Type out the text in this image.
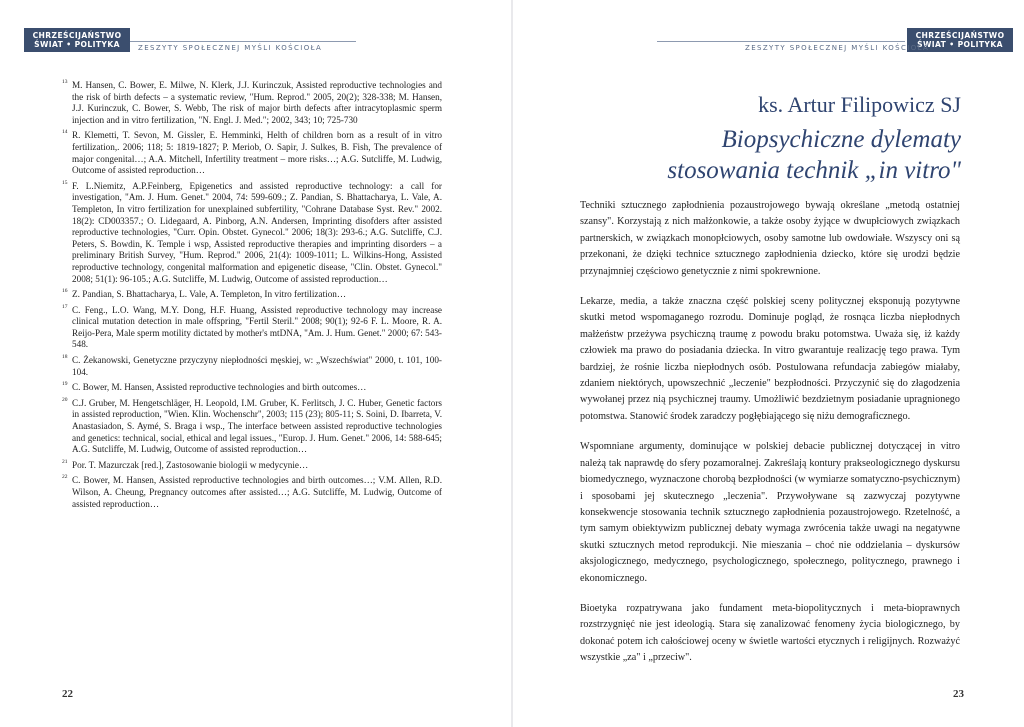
CHRZEŚCIJAŃSTWO
ŚWIAT • POLITYKA	ZESZYTY SPOŁECZNEJ MYŚLI KOŚCIOŁA
13 M. Hansen, C. Bower, E. Milwe, N. Klerk, J.J. Kurinczuk, Assisted reproductive technologies and the risk of birth defects – a systematic review, "Hum. Reprod." 2005, 20(2); 328-338; M. Hansen, J.J. Kurinczuk, C. Bower, S. Webb, The risk of major birth defects after intracytoplasmic sperm injection and in vitro fertilization, "N. Engl. J. Med."; 2002, 343; 10; 725-730
14 R. Klemetti, T. Sevon, M. Gissler, E. Hemminki, Helth of children born as a result of in vitro fertilization,. 2006; 118; 5: 1819-1827; P. Meriob, O. Sapir, J. Sulkes, B. Fish, The prevalence of major congenital…; A.A. Mitchell, Infertility treatment – more risks…; A.G. Sutcliffe, M. Ludwig, Outcome of assisted reproduction…
15 F. L.Niemitz, A.P.Feinberg, Epigenetics and assisted reproductive technology: a call for investigation, "Am. J. Hum. Genet." 2004, 74: 599-609.; Z. Pandian, S. Bhattacharya, L. Vale, A. Templeton, In vitro fertilization for unexplained subfertility, "Cohrane Database Syst. Rev." 2002. 18(2): CD003357.; O. Lidegaard, A. Pinborg, A.N. Andersen, Imprinting disofders after assisted reproductive technologies, "Curr. Opin. Obstet. Gynecol." 2006; 18(3): 293-6.; A.G. Sutcliffe, C.J. Peters, S. Bowdin, K. Temple i wsp, Assisted reproductive therapies and imprinting disorders – a preliminary British Survey, "Hum. Reprod." 2006, 21(4): 1009-1011; L. Wilkins-Hong, Assisted reproductive technology, congenital malformation and epigenetic disease, "Clin. Obstet. Gynecol." 2008; 51(1): 96-105.; A.G. Sutcliffe, M. Ludwig, Outcome of assisted reproduction…
16 Z. Pandian, S. Bhattacharya, L. Vale, A. Templeton, In vitro fertilization…
17 C. Feng., L.O. Wang, M.Y. Dong, H.F. Huang, Assisted reproductive technology may increase clinical mutation detection in male offspring, "Fertil Steril." 2008; 90(1); 92-6 F. L. Moore, R. A. Reijo-Pera, Male sperm motility dictated by mother's mtDNA, "Am. J. Hum. Genet." 2000; 67: 543-548.
18 C. Żekanowski, Genetyczne przyczyny niepłodności męskiej, w: „Wszechświat" 2000, t. 101, 100-104.
19 C. Bower, M. Hansen, Assisted reproductive technologies and birth outcomes…
20 C.J. Gruber, M. Hengetschläger, H. Leopold, I.M. Gruber, K. Ferlitsch, J. C. Huber, Genetic factors in assisted reproduction, "Wien. Klin. Wochenschr", 2003; 115 (23); 805-11; S. Soini, D. Ibarreta, V. Anastasiadon, S. Aymé, S. Braga i wsp., The interface between assisted reproductive technologies and genetics: technical, social, ethical and legal issues., "Europ. J. Hum. Genet." 2006, 14: 588-645; A.G. Sutcliffe, M. Ludwig, Outcome of assisted reproduction…
21 Por. T. Mazurczak [red.], Zastosowanie biologii w medycynie…
22 C. Bower, M. Hansen, Assisted reproductive technologies and birth outcomes…; V.M. Allen, R.D. Wilson, A. Cheung, Pregnancy outcomes after assisted…; A.G. Sutcliffe, M. Ludwig, Outcome of assisted reproduction…
22
CHRZEŚCIJAŃSTWO
ŚWIAT • POLITYKA
ZESZYTY SPOŁECZNEJ MYŚLI KOŚCIOŁA
ks. Artur Filipowicz SJ
Biopsychiczne dylematy
stosowania technik „in vitro"

Techniki sztucznego zapłodnienia pozaustrojowego bywają określane „metodą ostatniej szansy". Korzystają z nich małżonkowie, a także osoby żyjące w dwupłciowych związkach partnerskich, w związkach monopłciowych, osoby samotne lub owdowiałe. Wszyscy oni są przekonani, że dzięki technice sztucznego zapłodnienia dziecko, które się urodzi będzie przynajmniej częściowo genetycznie z nimi spokrewnione.

Lekarze, media, a także znaczna część polskiej sceny politycznej eksponują pozytywne skutki metod wspomaganego rozrodu. Dominuje pogląd, że rosnąca liczba niepłodnych małżeństw przeżywa psychiczną traumę z powodu braku potomstwa. Uważa się, iż każdy człowiek ma prawo do posiadania dziecka. In vitro gwarantuje realizację tego prawa. Tym bardziej, że rośnie liczba niepłodnych osób. Postulowana refundacja zabiegów miałaby, zdaniem niektórych, upowszechnić „leczenie" bezpłodności. Przyczynić się do złagodzenia wywołanej przez nią psychicznej traumy. Umożliwić bezdzietnym posiadanie upragnionego potomstwa. Stanowić środek zaradczy pogłębiającego się niżu demograficznego.

Wspomniane argumenty, dominujące w polskiej debacie publicznej dotyczącej in vitro należą tak naprawdę do sfery pozamoralnej. Zakreślają kontury prakseologicznego dyskursu biomedycznego, wyznaczone chorobą bezpłodności (w wymiarze somatyczno-psychicznym) i sposobami jej skutecznego „leczenia". Przywoływane są zazwyczaj pozytywne konsekwencje stosowania technik sztucznego zapłodnienia pozaustrojowego. Rzetelność, a tym samym obiektywizm publicznej debaty wymaga zwrócenia także uwagi na negatywne skutki sztucznych metod reprodukcji. Nie mieszania – choć nie oddzielania – dyskursów aksjologicznego, medycznego, psychologicznego, społecznego, politycznego, prawnego i ekonomicznego.

Bioetyka rozpatrywana jako fundament meta-biopolitycznych i meta-bioprawnych rozstrzygnięć nie jest ideologią. Stara się zanalizować fenomeny życia biologicznego, by dokonać potem ich całościowej oceny w świetle wartości etycznych i religijnych. Rozważyć wszystkie „za" i „przeciw".

23
